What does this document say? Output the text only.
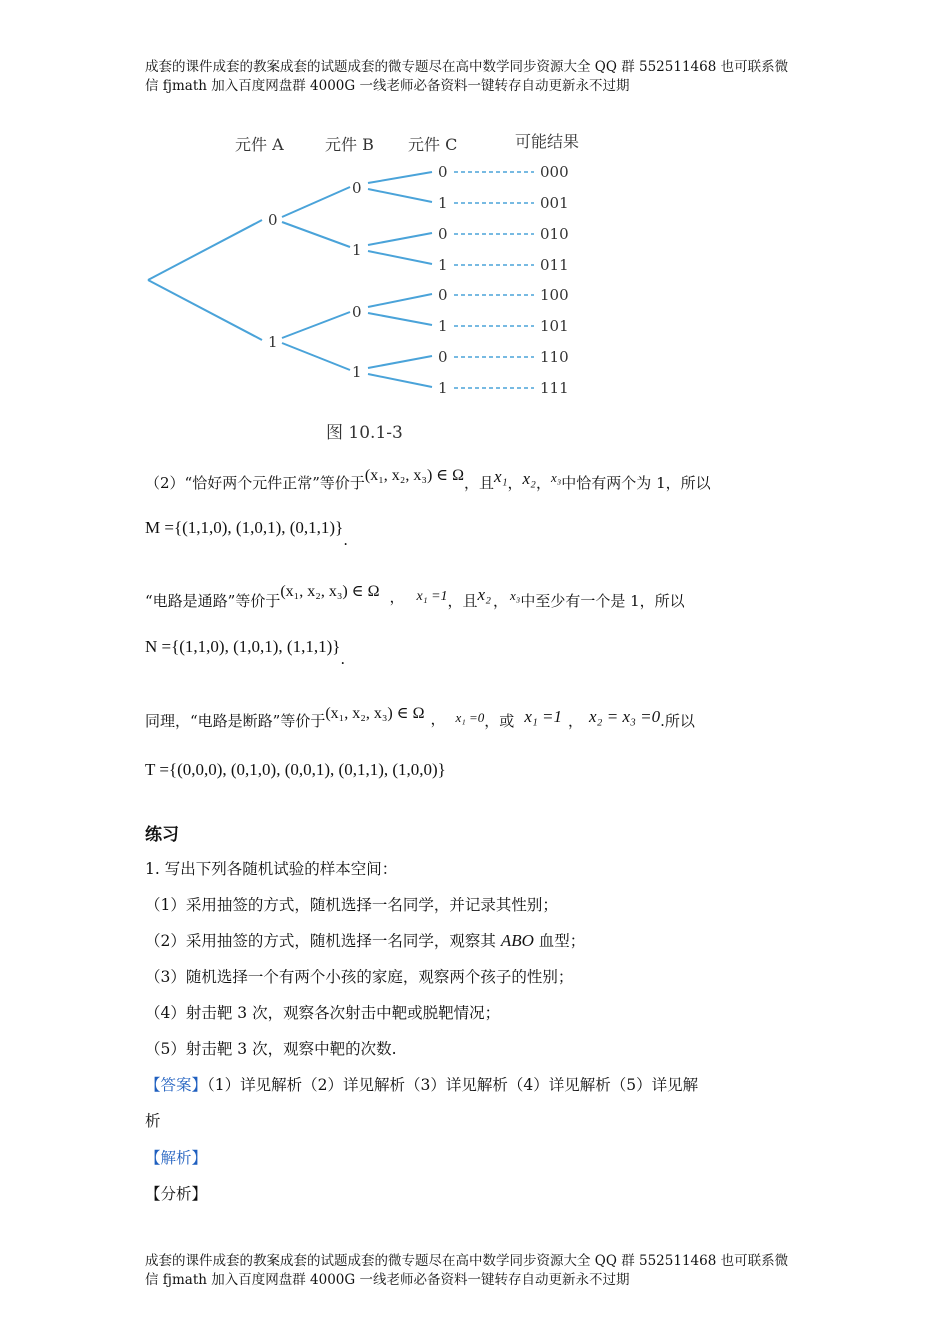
成套的课件成套的教案成套的试题成套的微专题尽在高中数学同步资源大全 QQ 群 552511468 也可联系微
信 fjmath 加入百度网盘群 4000G 一线老师必备资料一键转存自动更新永不过期
元件 A	元件 B 元件 C	可能结果
0
1
0
1
0
1
0
1
0
1
0
1
0
1
000
001
010
011
100
101
110
111
图 10.1-3
（2）“恰好两个元件正常”等价于(x₁, x₂, x₃) ∈ Ω，且x₁，x₂，x₃中恰有两个为 1，所以
M ={(1,1,0), (1,0,1), (0,1,1)}.
“电路是通路”等价于(x₁, x₂, x₃) ∈ Ω ， x₁ =1，且x₂ ， x₃中至少有一个是 1，所以
N ={(1,1,0), (1,0,1), (1,1,1)}.
同理，“电路是断路”等价于(x₁, x₂, x₃) ∈ Ω ， x₁ =0，或 x₁ =1 ， x₂ = x₃ =0.所以
T ={(0,0,0), (0,1,0), (0,0,1), (0,1,1), (1,0,0)}
练习
1. 写出下列各随机试验的样本空间：
（1）采用抽签的方式，随机选择一名同学，并记录其性别；
（2）采用抽签的方式，随机选择一名同学，观察其 ABO 血型；
（3）随机选择一个有两个小孩的家庭，观察两个孩子的性别；
（4）射击靶 3 次，观察各次射击中靶或脱靶情况；
（5）射击靶 3 次，观察中靶的次数.
【答案】（1）详见解析（2）详见解析（3）详见解析（4）详见解析（5）详见解
析
【解析】
【分析】
成套的课件成套的教案成套的试题成套的微专题尽在高中数学同步资源大全 QQ 群 552511468 也可联系微
信 fjmath 加入百度网盘群 4000G 一线老师必备资料一键转存自动更新永不过期
